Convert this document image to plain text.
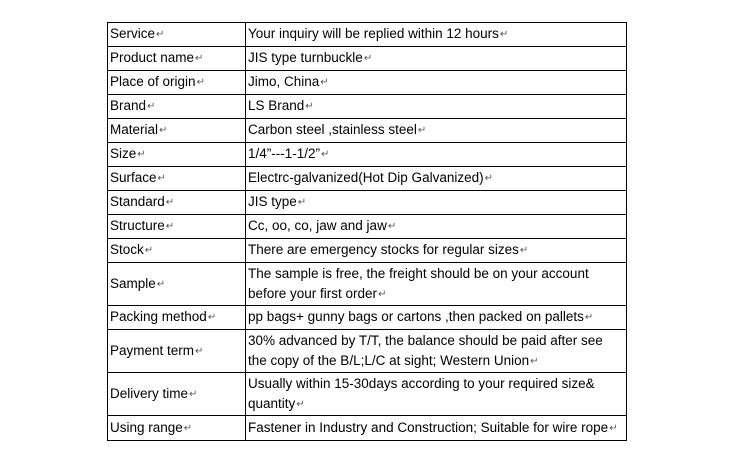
Service↵	Your inquiry will be replied within 12 hours↵

Product name↵	JIS type turnbuckle↵

Place of origin↵	Jimo, China↵

Brand↵	LS Brand↵

Material↵	Carbon steel ,stainless steel↵

Size↵	1/4”---1-1/2”↵

Surface↵	Electrc-galvanized(Hot Dip Galvanized)↵

Standard↵	JIS type↵

Structure↵	Cc, oo, co, jaw and jaw↵

Stock↵	There are emergency stocks for regular sizes↵

Sample↵	The sample is free, the freight should be on your account
before your first order↵

Packing method↵	pp bags+ gunny bags or cartons ,then packed on pallets↵

Payment term↵	30% advanced by T/T, the balance should be paid after see
the copy of the B/L;L/C at sight; Western Union↵

Delivery time↵	Usually within 15-30days according to your required size&
quantity↵

Using range↵	Fastener in Industry and Construction; Suitable for wire rope↵
